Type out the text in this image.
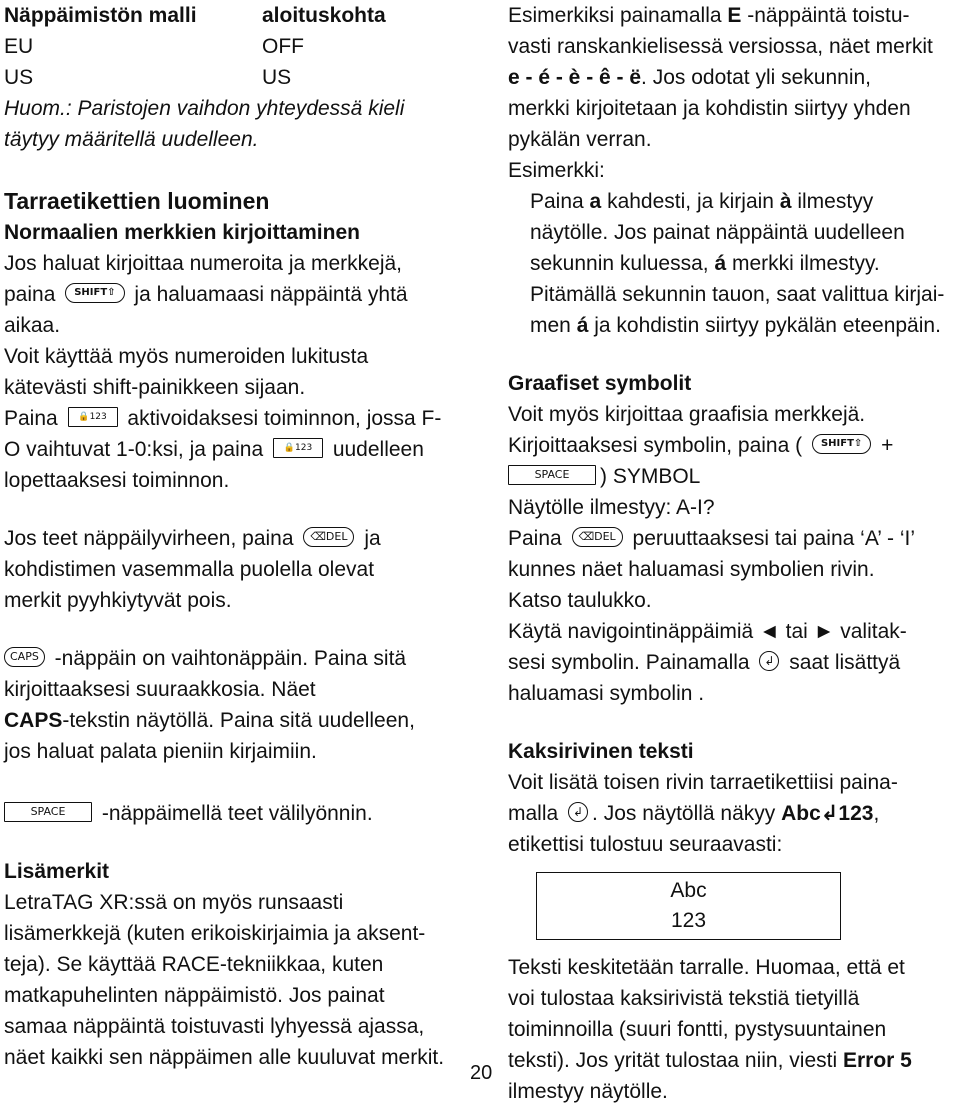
Näppäimistön malli	aloituskohta
EU	OFF
US	US
Huom.: Paristojen vaihdon yhteydessä kieli
täytyy määritellä uudelleen.
Tarraetikettien luominen
Normaalien merkkien kirjoittaminen
Jos haluat kirjoittaa numeroita ja merkkejä,
paina SHIFT⇧ ja haluamaasi näppäintä yhtä
aikaa.
Voit käyttää myös numeroiden lukitusta
kätevästi shift-painikkeen sijaan.
Paina 🔒123 aktivoidaksesi toiminnon, jossa F-
O vaihtuvat 1-0:ksi, ja paina 🔒123 uudelleen
lopettaaksesi toiminnon.
Jos teet näppäilyvirheen, paina ⌫DEL ja
kohdistimen vasemmalla puolella olevat
merkit pyyhkiytyvät pois.
CAPS -näppäin on vaihtonäppäin. Paina sitä
kirjoittaaksesi suuraakkosia. Näet
CAPS-tekstin näytöllä. Paina sitä uudelleen,
jos haluat palata pieniin kirjaimiin.
SPACE -näppäimellä teet välilyönnin.
Lisämerkit
LetraTAG XR:ssä on myös runsaasti
lisämerkkejä (kuten erikoiskirjaimia ja aksent-
teja). Se käyttää RACE-tekniikkaa, kuten
matkapuhelinten näppäimistö. Jos painat
samaa näppäintä toistuvasti lyhyessä ajassa,
näet kaikki sen näppäimen alle kuuluvat merkit.
Esimerkiksi painamalla E -näppäintä toistu-
vasti ranskankielisessä versiossa, näet merkit
e - é - è - ê - ë. Jos odotat yli sekunnin,
merkki kirjoitetaan ja kohdistin siirtyy yhden
pykälän verran.
Esimerkki:
Paina a kahdesti, ja kirjain à ilmestyy
näytölle. Jos painat näppäintä uudelleen
sekunnin kuluessa, á merkki ilmestyy.
Pitämällä sekunnin tauon, saat valittua kirjai-
men á ja kohdistin siirtyy pykälän eteenpäin.
Graafiset symbolit
Voit myös kirjoittaa graafisia merkkejä.
Kirjoittaaksesi symbolin, paina ( SHIFT⇧ +
SPACE ) SYMBOL
Näytölle ilmestyy: A-I?
Paina ⌫DEL peruuttaaksesi tai paina ‘A’ - ‘I’
kunnes näet haluamasi symbolien rivin.
Katso taulukko.
Käytä navigointinäppäimiä ◄ tai ► valitak-
sesi symbolin. Painamalla ↲ saat lisättyä
haluamasi symbolin .
Kaksirivinen teksti
Voit lisätä toisen rivin tarraetikettiisi paina-
malla ↲ . Jos näytöllä näkyy Abc↲123,
etikettisi tulostuu seuraavasti:
Abc
123
Teksti keskitetään tarralle. Huomaa, että et
voi tulostaa kaksirivistä tekstiä tietyillä
toiminnoilla (suuri fontti, pystysuuntainen
teksti). Jos yrität tulostaa niin, viesti Error 5
ilmestyy näytölle.
20
